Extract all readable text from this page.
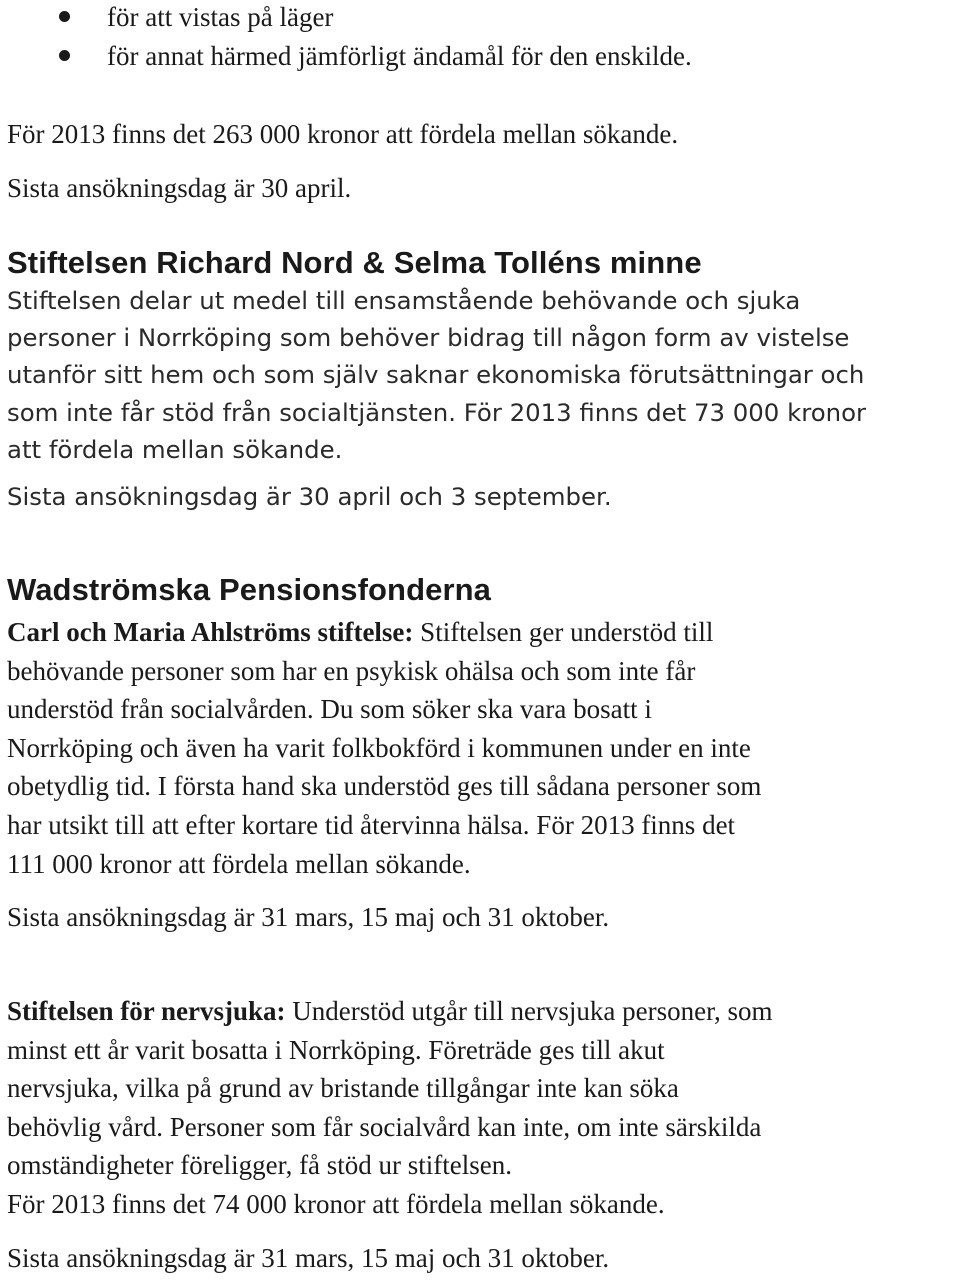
för att vistas på läger
för annat härmed jämförligt ändamål för den enskilde.
För 2013 finns det 263 000 kronor att fördela mellan sökande.
Sista ansökningsdag är 30 april.
Stiftelsen Richard Nord & Selma Tolléns minne
Stiftelsen delar ut medel till ensamstående behövande och sjuka
personer i Norrköping som behöver bidrag till någon form av vistelse
utanför sitt hem och som själv saknar ekonomiska förutsättningar och
som inte får stöd från socialtjänsten. För 2013 finns det 73 000 kronor
att fördela mellan sökande.
Sista ansökningsdag är 30 april och 3 september.
Wadströmska Pensionsfonderna
Carl och Maria Ahlströms stiftelse: Stiftelsen ger understöd till
behövande personer som har en psykisk ohälsa och som inte får
understöd från socialvården. Du som söker ska vara bosatt i
Norrköping och även ha varit folkbokförd i kommunen under en inte
obetydlig tid. I första hand ska understöd ges till sådana personer som
har utsikt till att efter kortare tid återvinna hälsa. För 2013 finns det
111 000 kronor att fördela mellan sökande.
Sista ansökningsdag är 31 mars, 15 maj och 31 oktober.
Stiftelsen för nervsjuka: Understöd utgår till nervsjuka personer, som
minst ett år varit bosatta i Norrköping. Företräde ges till akut
nervsjuka, vilka på grund av bristande tillgångar inte kan söka
behövlig vård. Personer som får socialvård kan inte, om inte särskilda
omständigheter föreligger, få stöd ur stiftelsen.
För 2013 finns det 74 000 kronor att fördela mellan sökande.
Sista ansökningsdag är 31 mars, 15 maj och 31 oktober.
